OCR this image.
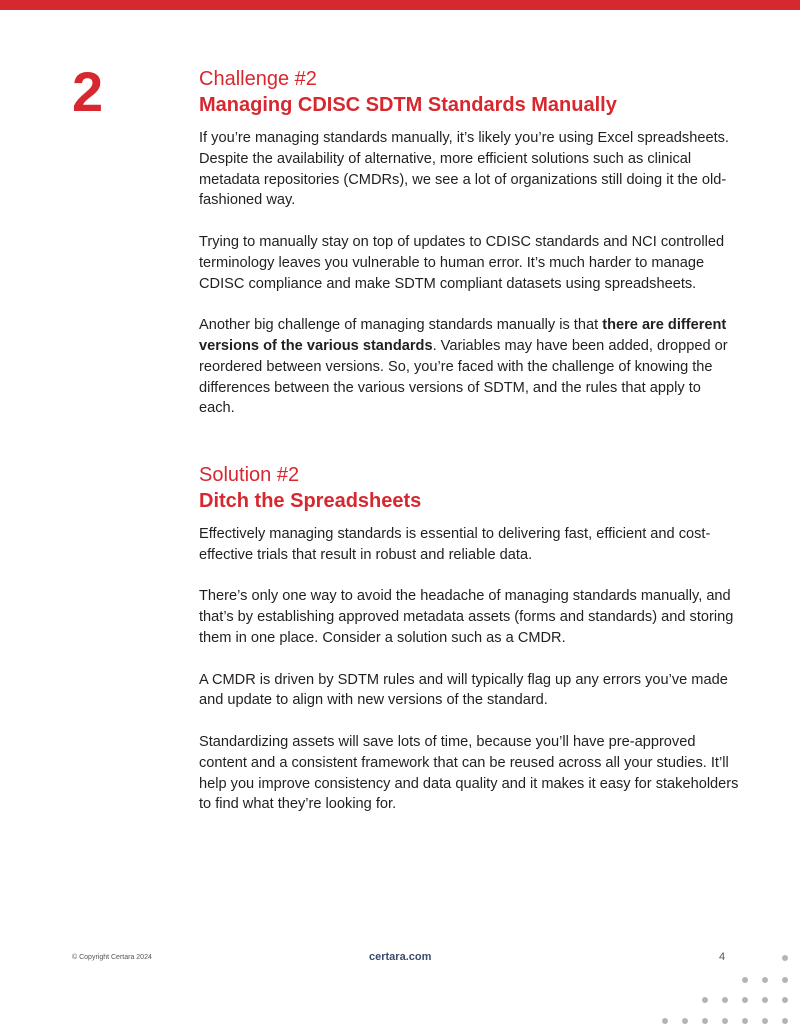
2	Challenge #2

Managing CDISC SDTM Standards Manually

If you’re managing standards manually, it’s likely you’re using Excel spreadsheets. Despite the availability of alternative, more efficient solutions such as clinical metadata repositories (CMDRs), we see a lot of organizations still doing it the old-fashioned way.

Trying to manually stay on top of updates to CDISC standards and NCI controlled terminology leaves you vulnerable to human error. It’s much harder to manage CDISC compliance and make SDTM compliant datasets using spreadsheets.

Another big challenge of managing standards manually is that there are different versions of the various standards. Variables may have been added, dropped or reordered between versions. So, you’re faced with the challenge of knowing the differences between the various versions of SDTM, and the rules that apply to each.

Solution #2

Ditch the Spreadsheets

Effectively managing standards is essential to delivering fast, efficient and cost-effective trials that result in robust and reliable data.

There’s only one way to avoid the headache of managing standards manually, and that’s by establishing approved metadata assets (forms and standards) and storing them in one place. Consider a solution such as a CMDR.

A CMDR is driven by SDTM rules and will typically flag up any errors you’ve made and update to align with new versions of the standard.

Standardizing assets will save lots of time, because you’ll have pre-approved content and a consistent framework that can be reused across all your studies. It’ll help you improve consistency and data quality and it makes it easy for stakeholders to find what they’re looking for.

© Copyright Certara 2024	certara.com	4
